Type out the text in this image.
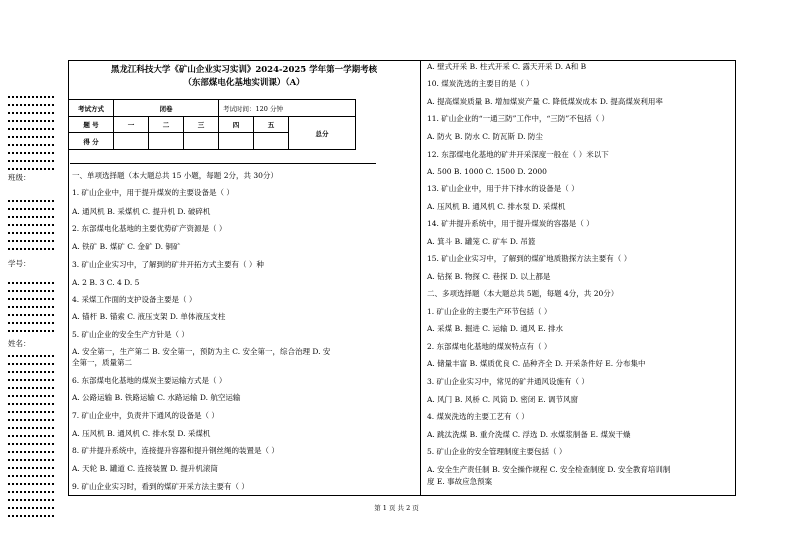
班级：
学号：
姓名：
黑龙江科技大学《矿山企业实习实训》2024-2025 学年第一学期考核
（东部煤电化基地实训课）（A）
考试方式	闭卷			考试时间：120 分钟		
题 号	一	二	三	四	五	总分
得 分						
一、单项选择题（本大题总共 15 小题，每题 2分，共 30分）
1. 矿山企业中，用于提升煤炭的主要设备是（ ）
A. 通风机 B. 采煤机 C. 提升机 D. 破碎机
2. 东部煤电化基地的主要优势矿产资源是（ ）
A. 铁矿 B. 煤矿 C. 金矿 D. 铜矿
3. 矿山企业实习中，了解到的矿井开拓方式主要有（ ）种
A. 2 B. 3 C. 4 D. 5
4. 采煤工作面的支护设备主要是（ ）
A. 锚杆 B. 锚索 C. 液压支架 D. 单体液压支柱
5. 矿山企业的安全生产方针是（ ）
A. 安全第一，生产第二 B. 安全第一，预防为主 C. 安全第一，综合治理 D. 安
全第一，质量第二
6. 东部煤电化基地的煤炭主要运输方式是（ ）
A. 公路运输 B. 铁路运输 C. 水路运输 D. 航空运输
7. 矿山企业中，负责井下通风的设备是（ ）
A. 压风机 B. 通风机 C. 排水泵 D. 采煤机
8. 矿井提升系统中，连接提升容器和提升钢丝绳的装置是（ ）
A. 天轮 B. 罐道 C. 连接装置 D. 提升机滚筒
9. 矿山企业实习时，看到的煤矿开采方法主要有（ ）
A. 壁式开采 B. 柱式开采 C. 露天开采 D. A和 B
10. 煤炭洗选的主要目的是（ ）
A. 提高煤炭质量 B. 增加煤炭产量 C. 降低煤炭成本 D. 提高煤炭利用率
11. 矿山企业的“一通三防”工作中，“三防”不包括（ ）
A. 防火 B. 防水 C. 防瓦斯 D. 防尘
12. 东部煤电化基地的矿井开采深度一般在（ ）米以下
A. 500 B. 1000 C. 1500 D. 2000
13. 矿山企业中，用于井下排水的设备是（ ）
A. 压风机 B. 通风机 C. 排水泵 D. 采煤机
14. 矿井提升系统中，用于提升煤炭的容器是（ ）
A. 箕斗 B. 罐笼 C. 矿车 D. 吊篮
15. 矿山企业实习中，了解到的煤矿地质勘探方法主要有（ ）
A. 钻探 B. 物探 C. 巷探 D. 以上都是
二、多项选择题（本大题总共 5题，每题 4分，共 20分）
1. 矿山企业的主要生产环节包括（ ）
A. 采煤 B. 掘进 C. 运输 D. 通风 E. 排水
2. 东部煤电化基地的煤炭特点有（ ）
A. 储量丰富 B. 煤质优良 C. 品种齐全 D. 开采条件好 E. 分布集中
3. 矿山企业实习中，常见的矿井通风设施有（ ）
A. 风门 B. 风桥 C. 风筒 D. 密闭 E. 调节风窗
4. 煤炭洗选的主要工艺有（ ）
A. 跳汰洗煤 B. 重介洗煤 C. 浮选 D. 水煤浆制备 E. 煤炭干燥
5. 矿山企业的安全管理制度主要包括（ ）
A. 安全生产责任制 B. 安全操作规程 C. 安全检查制度 D. 安全教育培训制
度 E. 事故应急预案
第 1 页 共 2 页
